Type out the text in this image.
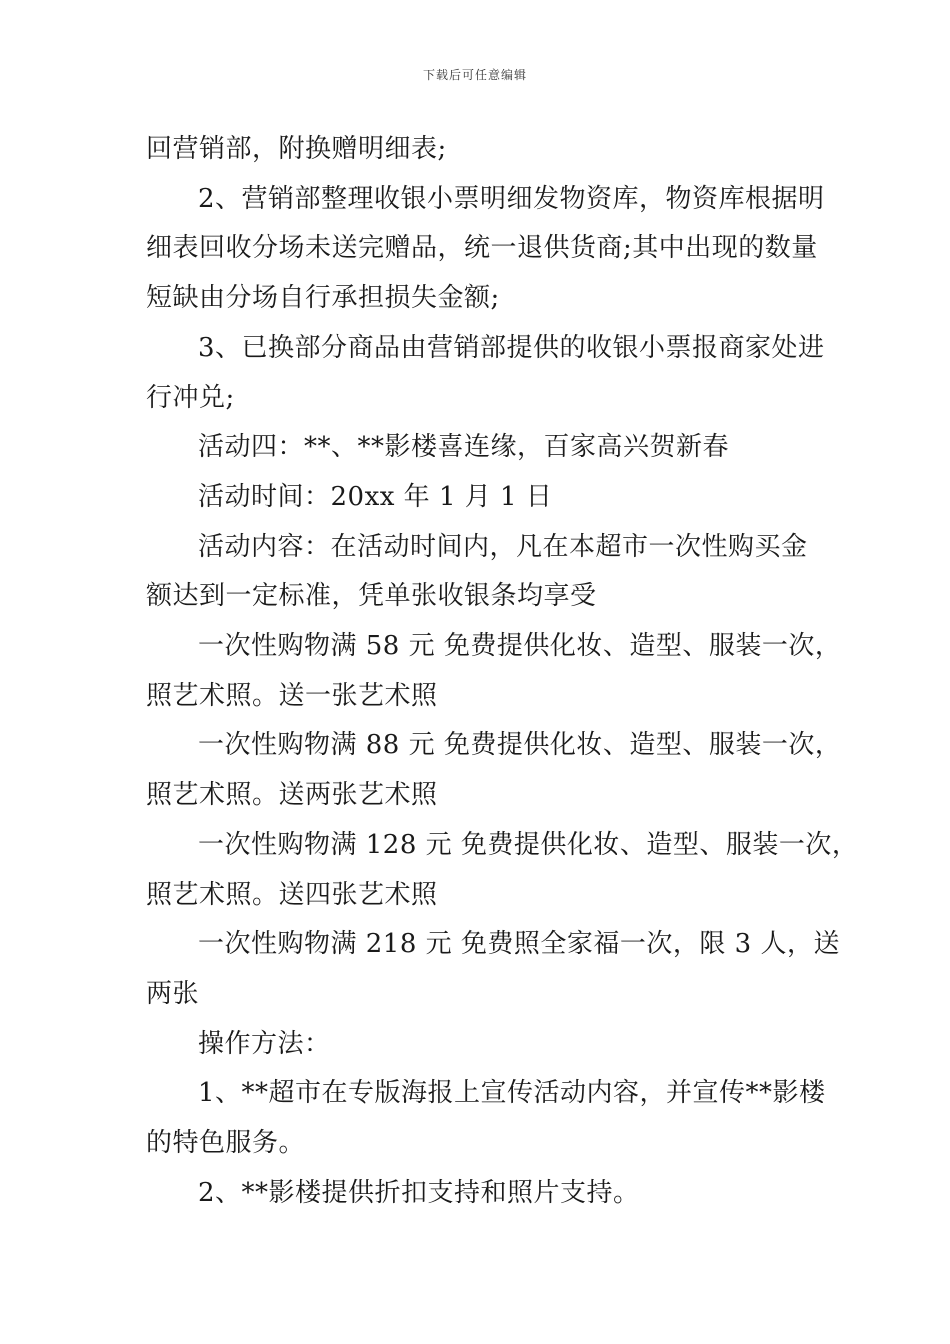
下载后可任意编辑

回营销部，附换赠明细表;

2、营销部整理收银小票明细发物资库，物资库根据明

细表回收分场未送完赠品，统一退供货商;其中出现的数量

短缺由分场自行承担损失金额;

3、已换部分商品由营销部提供的收银小票报商家处进

行冲兑;

活动四：**、**影楼喜连缘，百家高兴贺新春

活动时间：20xx 年 1 月 1 日

活动内容：在活动时间内，凡在本超市一次性购买金

额达到一定标准，凭单张收银条均享受

一次性购物满 58 元 免费提供化妆、造型、服装一次，

照艺术照。送一张艺术照

一次性购物满 88 元 免费提供化妆、造型、服装一次，

照艺术照。送两张艺术照

一次性购物满 128 元 免费提供化妆、造型、服装一次，

照艺术照。送四张艺术照

一次性购物满 218 元 免费照全家福一次，限 3 人，送

两张

操作方法：

1、**超市在专版海报上宣传活动内容，并宣传**影楼

的特色服务。

2、**影楼提供折扣支持和照片支持。
